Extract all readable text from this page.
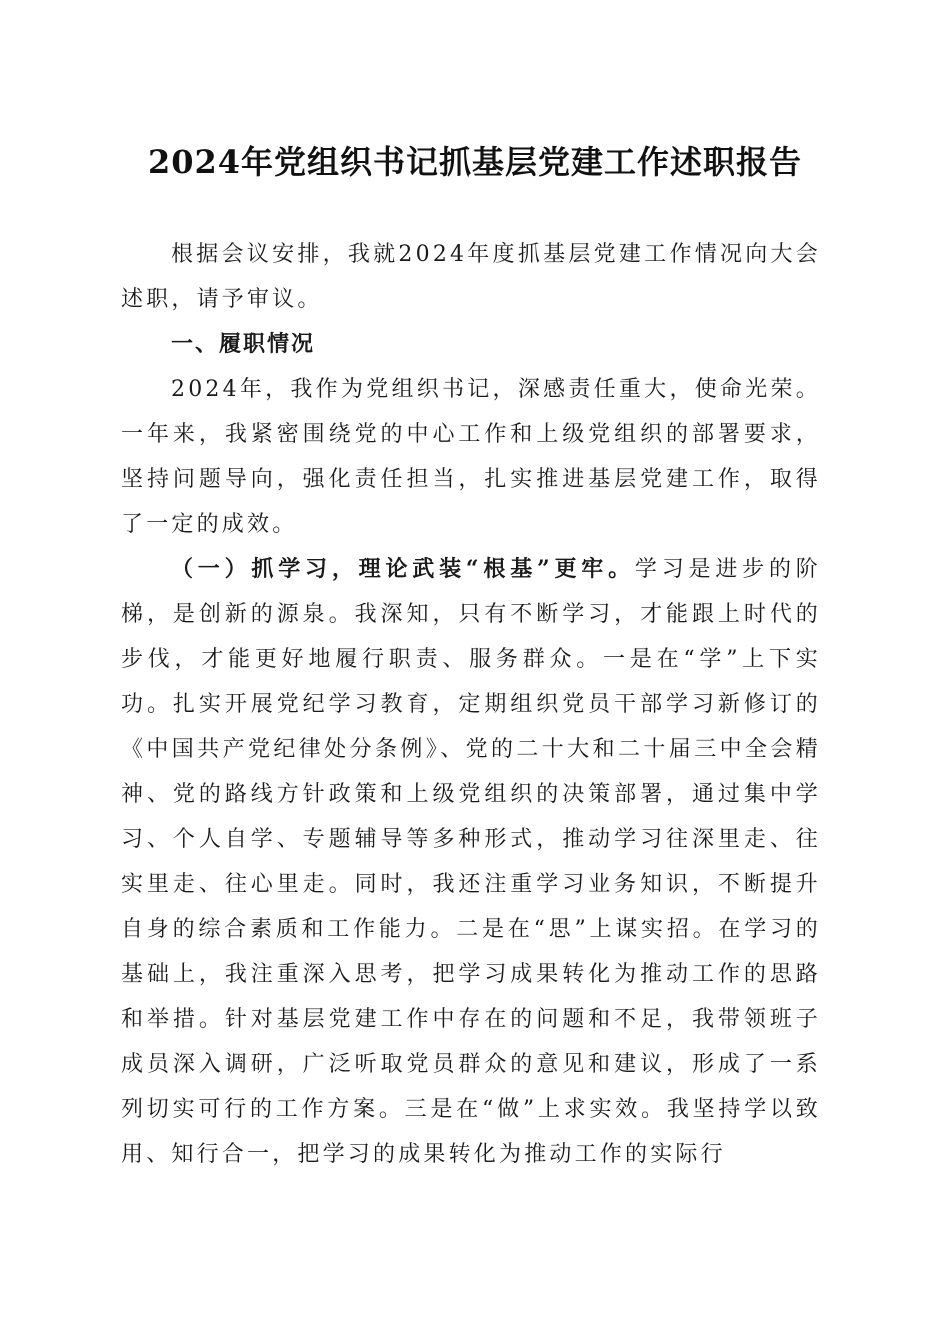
2024年党组织书记抓基层党建工作述职报告

根据会议安排，我就2024年度抓基层党建工作情况向大会述职，请予审议。

一、履职情况

2024年，我作为党组织书记，深感责任重大，使命光荣。一年来，我紧密围绕党的中心工作和上级党组织的部署要求，坚持问题导向，强化责任担当，扎实推进基层党建工作，取得了一定的成效。

（一）抓学习，理论武装“根基”更牢。学习是进步的阶梯，是创新的源泉。我深知，只有不断学习，才能跟上时代的步伐，才能更好地履行职责、服务群众。一是在“学”上下实功。扎实开展党纪学习教育，定期组织党员干部学习新修订的《中国共产党纪律处分条例》、党的二十大和二十届三中全会精神、党的路线方针政策和上级党组织的决策部署，通过集中学习、个人自学、专题辅导等多种形式，推动学习往深里走、往实里走、往心里走。同时，我还注重学习业务知识，不断提升自身的综合素质和工作能力。二是在“思”上谋实招。在学习的基础上，我注重深入思考，把学习成果转化为推动工作的思路和举措。针对基层党建工作中存在的问题和不足，我带领班子成员深入调研，广泛听取党员群众的意见和建议，形成了一系列切实可行的工作方案。三是在“做”上求实效。我坚持学以致用、知行合一，把学习的成果转化为推动工作的实际行
